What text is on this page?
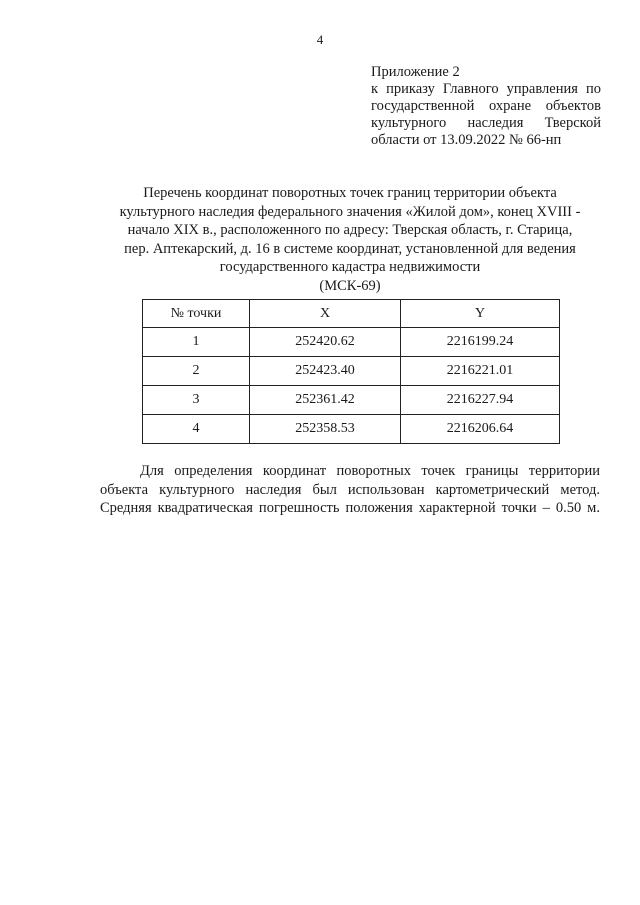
4
Приложение 2
к приказу Главного управления по
государственной охране объектов
культурного наследия Тверской
области от 13.09.2022 № 66-нп
Перечень координат поворотных точек границ территории объекта
культурного наследия федерального значения «Жилой дом», конец XVIII -
начало XIX в., расположенного по адресу: Тверская область, г. Старица,
пер. Аптекарский, д. 16 в системе координат, установленной для ведения
государственного кадастра недвижимости
(МСК-69)
№ точки	X	Y
1	252420.62	2216199.24
2	252423.40	2216221.01
3	252361.42	2216227.94
4	252358.53	2216206.64
Для определения координат поворотных точек границы территории
объекта культурного наследия был использован картометрический метод.
Средняя квадратическая погрешность положения характерной точки – 0.50 м.
